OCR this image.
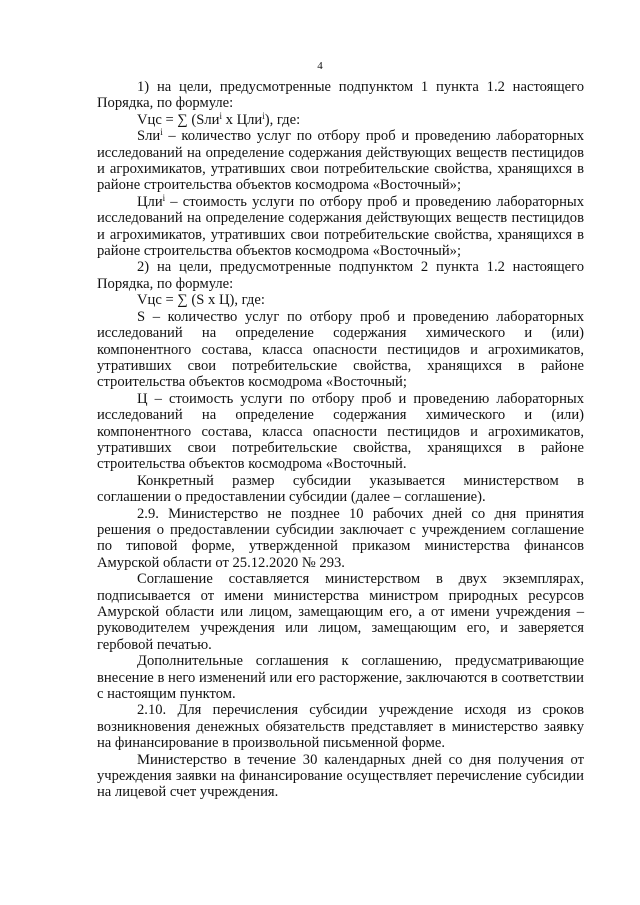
4

1) на цели, предусмотренные подпунктом 1 пункта 1.2 настоящего Порядка, по формуле:

Vцс = ∑ (Sли$^i$ х Цли$^i$), где:

Sли$^i$ – количество услуг по отбору проб и проведению лабораторных исследований на определение содержания действующих веществ пестицидов и агрохимикатов, утративших свои потребительские свойства, хранящихся в районе строительства объектов космодрома «Восточный»;

Цли$^i$ – стоимость услуги по отбору проб и проведению лабораторных исследований на определение содержания действующих веществ пестицидов и агрохимикатов, утративших свои потребительские свойства, хранящихся в районе строительства объектов космодрома «Восточный»;

2) на цели, предусмотренные подпунктом 2 пункта 1.2 настоящего Порядка, по формуле:

Vцс = ∑ (S х Ц), где:

S – количество услуг по отбору проб и проведению лабораторных исследований на определение содержания химического и (или) компонентного состава, класса опасности пестицидов и агрохимикатов, утративших свои потребительские свойства, хранящихся в районе строительства объектов космодрома «Восточный;

Ц – стоимость услуги по отбору проб и проведению лабораторных исследований на определение содержания химического и (или) компонентного состава, класса опасности пестицидов и агрохимикатов, утративших свои потребительские свойства, хранящихся в районе строительства объектов космодрома «Восточный.

Конкретный размер субсидии указывается министерством в соглашении о предоставлении субсидии (далее – соглашение).

2.9. Министерство не позднее 10 рабочих дней со дня принятия решения о предоставлении субсидии заключает с учреждением соглашение по типовой форме, утвержденной приказом министерства финансов Амурской области от 25.12.2020 № 293.

Соглашение составляется министерством в двух экземплярах, подписывается от имени министерства министром природных ресурсов Амурской области или лицом, замещающим его, а от имени учреждения – руководителем учреждения или лицом, замещающим его, и заверяется гербовой печатью.

Дополнительные соглашения к соглашению, предусматривающие внесение в него изменений или его расторжение, заключаются в соответствии с настоящим пунктом.

2.10. Для перечисления субсидии учреждение исходя из сроков возникновения денежных обязательств представляет в министерство заявку на финансирование в произвольной письменной форме.

Министерство в течение 30 календарных дней со дня получения от учреждения заявки на финансирование осуществляет перечисление субсидии на лицевой счет учреждения.
